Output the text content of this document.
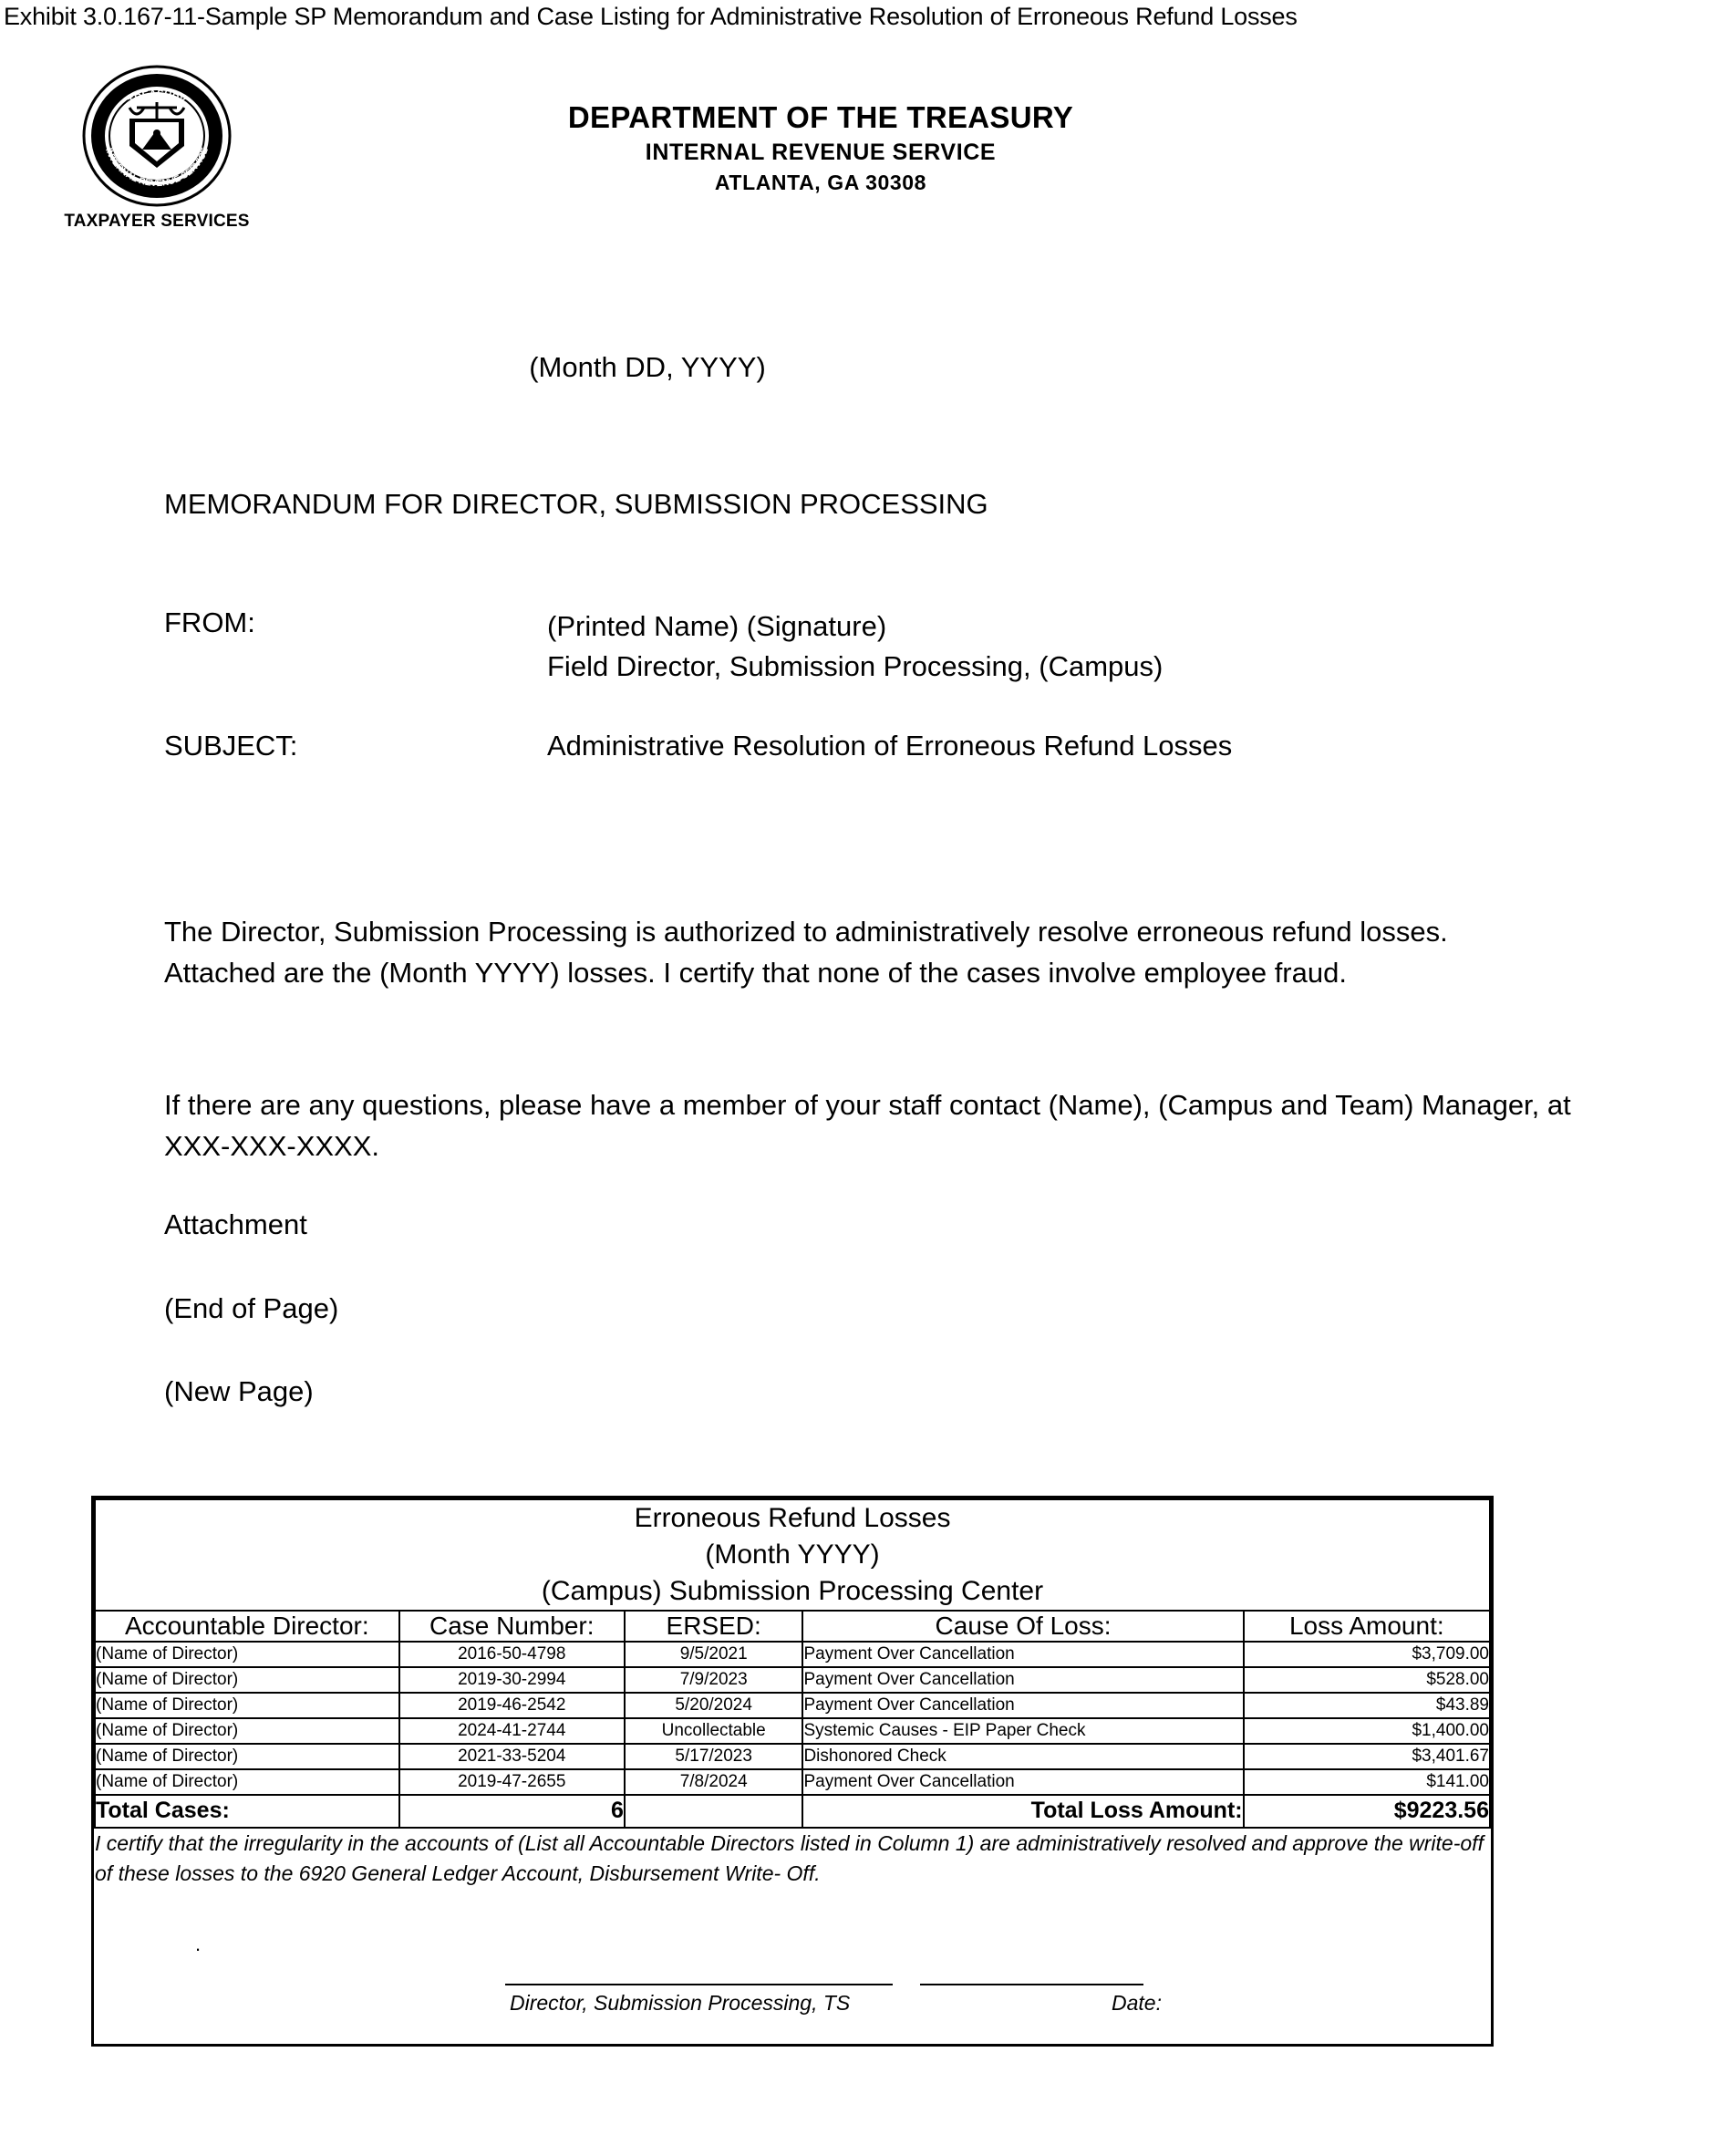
Exhibit 3.0.167-11-Sample SP Memorandum and Case Listing for Administrative Resolution of Erroneous Refund Losses
TREASURY
INTERNAL REVENUE SERVICE
TAXPAYER SERVICES
DEPARTMENT OF THE TREASURY
INTERNAL REVENUE SERVICE
ATLANTA, GA 30308
(Month DD, YYYY)
MEMORANDUM FOR DIRECTOR, SUBMISSION PROCESSING
FROM:	(Printed Name) (Signature)
Field Director, Submission Processing, (Campus)
SUBJECT:	Administrative Resolution of Erroneous Refund Losses
The Director, Submission Processing is authorized to administratively resolve erroneous refund losses. Attached are the (Month YYYY) losses. I certify that none of the cases involve employee fraud.
If there are any questions, please have a member of your staff contact (Name), (Campus and Team) Manager, at XXX-XXX-XXXX.
Attachment
(End of Page)
(New Page)
Erroneous Refund Losses
(Month YYYY)
(Campus) Submission Processing Center				

Accountable Director:	Case Number:	ERSED:	Cause Of Loss:	Loss Amount:
(Name of Director)	2016-50-4798	9/5/2021	Payment Over Cancellation	$3,709.00
(Name of Director)	2019-30-2994	7/9/2023	Payment Over Cancellation	$528.00
(Name of Director)	2019-46-2542	5/20/2024	Payment Over Cancellation	$43.89
(Name of Director)	2024-41-2744	Uncollectable	Systemic Causes - EIP Paper Check	$1,400.00
(Name of Director)	2021-33-5204	5/17/2023	Dishonored Check	$3,401.67
(Name of Director)	2019-47-2655	7/8/2024	Payment Over Cancellation	$141.00
Total Cases:	6		Total Loss Amount:	$9223.56
I certify that the irregularity in the accounts of (List all Accountable Directors listed in Column 1) are administratively resolved and approve the write-off of these losses to the 6920 General Ledger Account, Disbursement Write- Off.				

.
Director, Submission Processing, TS Date:				
